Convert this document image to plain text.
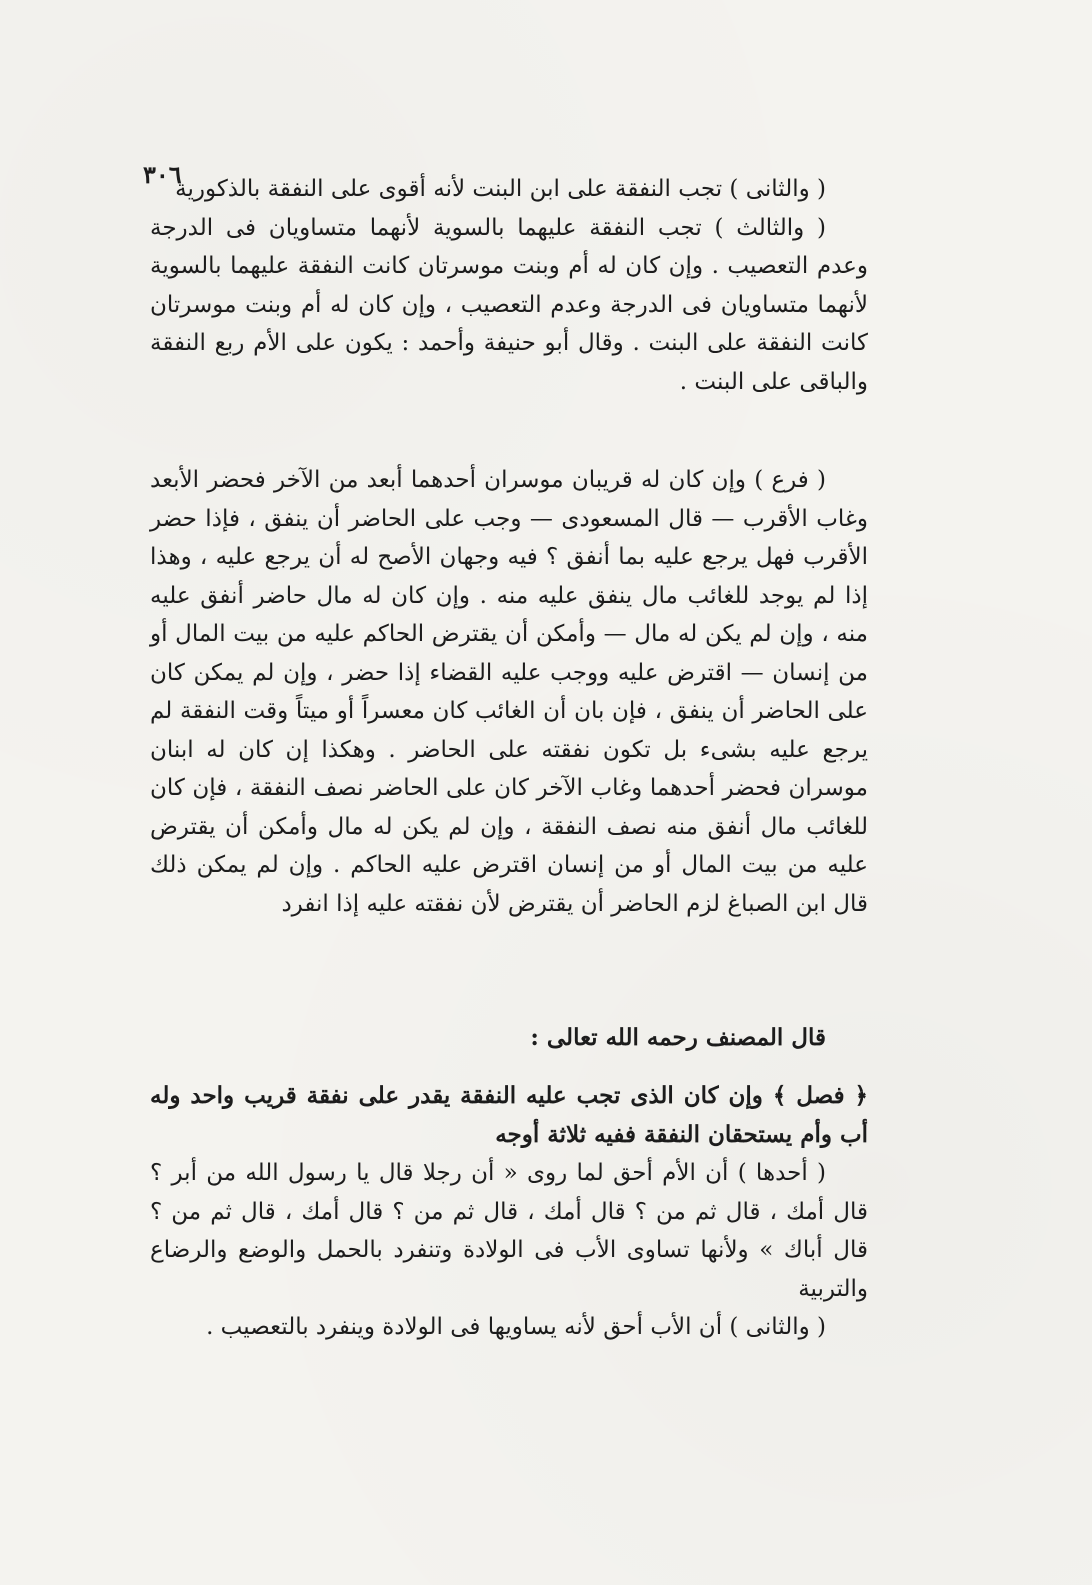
٣٠٦

( والثانى ) تجب النفقة على ابن البنت لأنه أقوى على النفقة بالذكورية

( والثالث ) تجب النفقة عليهما بالسوية لأنهما متساويان فى الدرجة وعدم التعصيب . وإن كان له أم وبنت موسرتان كانت النفقة عليهما بالسوية لأنهما متساويان فى الدرجة وعدم التعصيب ، وإن كان له أم وبنت موسرتان كانت النفقة على البنت . وقال أبو حنيفة وأحمد : يكون على الأم ربع النفقة والباقى على البنت .

( فرع ) وإن كان له قريبان موسران أحدهما أبعد من الآخر فحضر الأبعد وغاب الأقرب — قال المسعودى — وجب على الحاضر أن ينفق ، فإذا حضر الأقرب فهل يرجع عليه بما أنفق ؟ فيه وجهان الأصح له أن يرجع عليه ، وهذا إذا لم يوجد للغائب مال ينفق عليه منه . وإن كان له مال حاضر أنفق عليه منه ، وإن لم يكن له مال — وأمكن أن يقترض الحاكم عليه من بيت المال أو من إنسان — اقترض عليه ووجب عليه القضاء إذا حضر ، وإن لم يمكن كان على الحاضر أن ينفق ، فإن بان أن الغائب كان معسراً أو ميتاً وقت النفقة لم يرجع عليه بشىء بل تكون نفقته على الحاضر . وهكذا إن كان له ابنان موسران فحضر أحدهما وغاب الآخر كان على الحاضر نصف النفقة ، فإن كان للغائب مال أنفق منه نصف النفقة ، وإن لم يكن له مال وأمكن أن يقترض عليه من بيت المال أو من إنسان اقترض عليه الحاكم . وإن لم يمكن ذلك قال ابن الصباغ لزم الحاضر أن يقترض لأن نفقته عليه إذا انفرد

قال المصنف رحمه الله تعالى :

﴿ فصل ﴾ وإن كان الذى تجب عليه النفقة يقدر على نفقة قريب واحد وله أب وأم يستحقان النفقة ففيه ثلاثة أوجه

( أحدها ) أن الأم أحق لما روى « أن رجلا قال يا رسول الله من أبر ؟ قال أمك ، قال ثم من ؟ قال أمك ، قال ثم من ؟ قال أمك ، قال ثم من ؟ قال أباك » ولأنها تساوى الأب فى الولادة وتنفرد بالحمل والوضع والرضاع والتربية

( والثانى ) أن الأب أحق لأنه يساويها فى الولادة وينفرد بالتعصيب .
